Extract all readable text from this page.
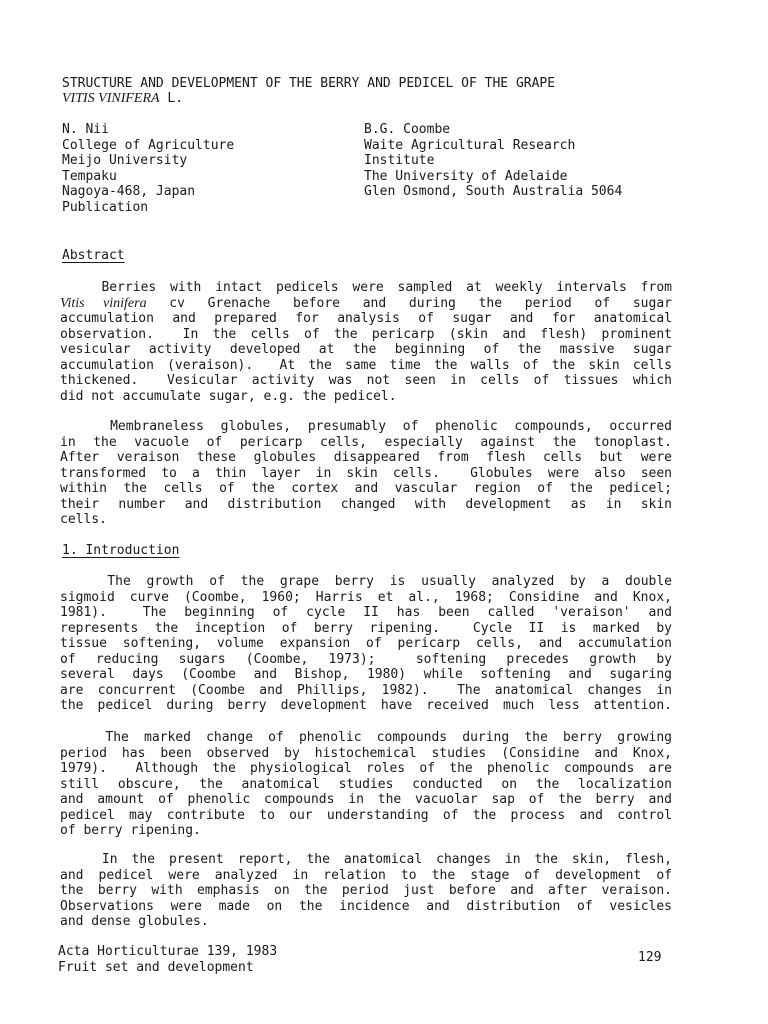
STRUCTURE AND DEVELOPMENT OF THE BERRY AND PEDICEL OF THE GRAPE
VITIS VINIFERA L.
N. Nii
College of Agriculture
Meijo University
Tempaku
Nagoya-468, Japan
Publication
B.G. Coombe
Waite Agricultural Research
Institute
The University of Adelaide
Glen Osmond, South Australia 5064
Abstract
Berries with intact pedicels were sampled at weekly intervals from
Vitis vinifera cv Grenache before and during the period of sugar
accumulation and prepared for analysis of sugar and for anatomical
observation.  In the cells of the pericarp (skin and flesh) prominent
vesicular activity developed at the beginning of the massive sugar
accumulation (veraison).  At the same time the walls of the skin cells
thickened.  Vesicular activity was not seen in cells of tissues which
did not accumulate sugar, e.g. the pedicel.
Membraneless globules, presumably of phenolic compounds, occurred
in the vacuole of pericarp cells, especially against the tonoplast.
After veraison these globules disappeared from flesh cells but were
transformed to a thin layer in skin cells.  Globules were also seen
within the cells of the cortex and vascular region of the pedicel;
their number and distribution changed with development as in skin
cells.
1. Introduction
The growth of the grape berry is usually analyzed by a double
sigmoid curve (Coombe, 1960; Harris et al., 1968; Considine and Knox,
1981).  The beginning of cycle II has been called 'veraison' and
represents the inception of berry ripening.  Cycle II is marked by
tissue softening, volume expansion of pericarp cells, and accumulation
of reducing sugars (Coombe, 1973);  softening precedes growth by
several days (Coombe and Bishop, 1980) while softening and sugaring
are concurrent (Coombe and Phillips, 1982).  The anatomical changes in
the pedicel during berry development have received much less attention.
The marked change of phenolic compounds during the berry growing
period has been observed by histochemical studies (Considine and Knox,
1979).  Although the physiological roles of the phenolic compounds are
still obscure, the anatomical studies conducted on the localization
and amount of phenolic compounds in the vacuolar sap of the berry and
pedicel may contribute to our understanding of the process and control
of berry ripening.
In the present report, the anatomical changes in the skin, flesh,
and pedicel were analyzed in relation to the stage of development of
the berry with emphasis on the period just before and after veraison.
Observations were made on the incidence and distribution of vesicles
and dense globules.
Acta Horticulturae 139, 1983
Fruit set and development
129
